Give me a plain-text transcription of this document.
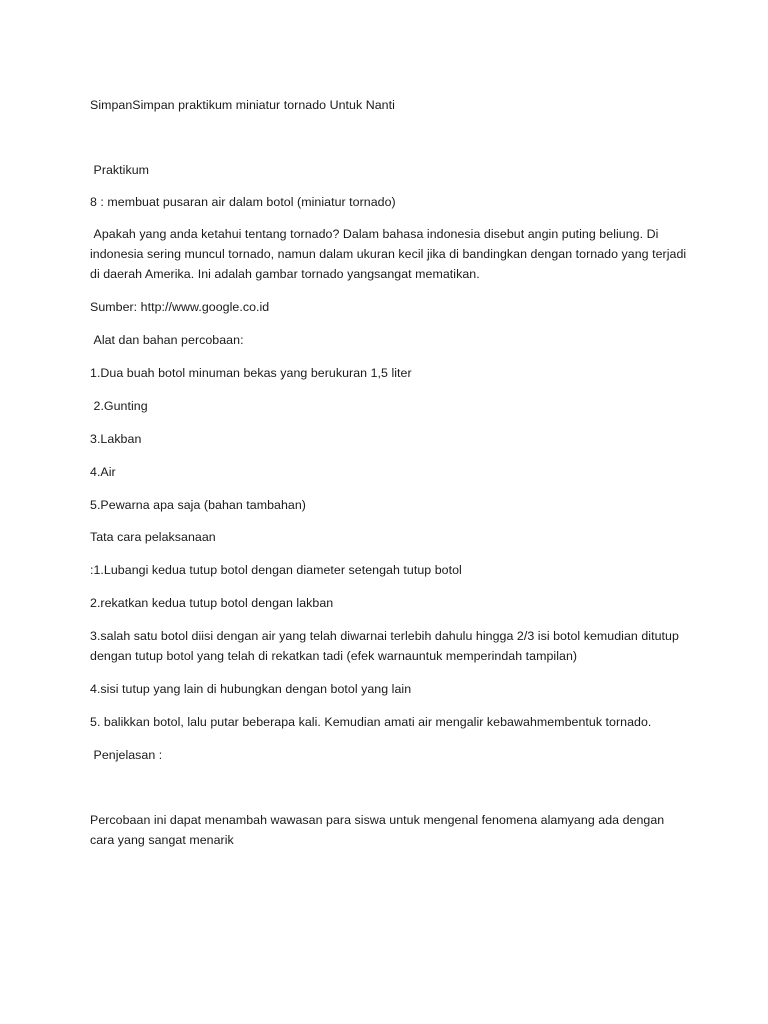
SimpanSimpan praktikum miniatur tornado Untuk Nanti
Praktikum
8 : membuat pusaran air dalam botol (miniatur tornado)
Apakah yang anda ketahui tentang tornado? Dalam bahasa indonesia disebut angin puting beliung. Di indonesia sering muncul tornado, namun dalam ukuran kecil jika di bandingkan dengan tornado yang terjadi di daerah Amerika. Ini adalah gambar tornado yangsangat mematikan.
Sumber: http://www.google.co.id
Alat dan bahan percobaan:
1.Dua buah botol minuman bekas yang berukuran 1,5 liter
2.Gunting
3.Lakban
4.Air
5.Pewarna apa saja (bahan tambahan)
Tata cara pelaksanaan
:1.Lubangi kedua tutup botol dengan diameter setengah tutup botol
2.rekatkan kedua tutup botol dengan lakban
3.salah satu botol diisi dengan air yang telah diwarnai terlebih dahulu hingga 2/3 isi botol kemudian ditutup dengan tutup botol yang telah di rekatkan tadi (efek warnauntuk memperindah tampilan)
4.sisi tutup yang lain di hubungkan dengan botol yang lain
5. balikkan botol, lalu putar beberapa kali. Kemudian amati air mengalir kebawahmembentuk tornado.
Penjelasan :
Percobaan ini dapat menambah wawasan para siswa untuk mengenal fenomena alamyang ada dengan cara yang sangat menarik
